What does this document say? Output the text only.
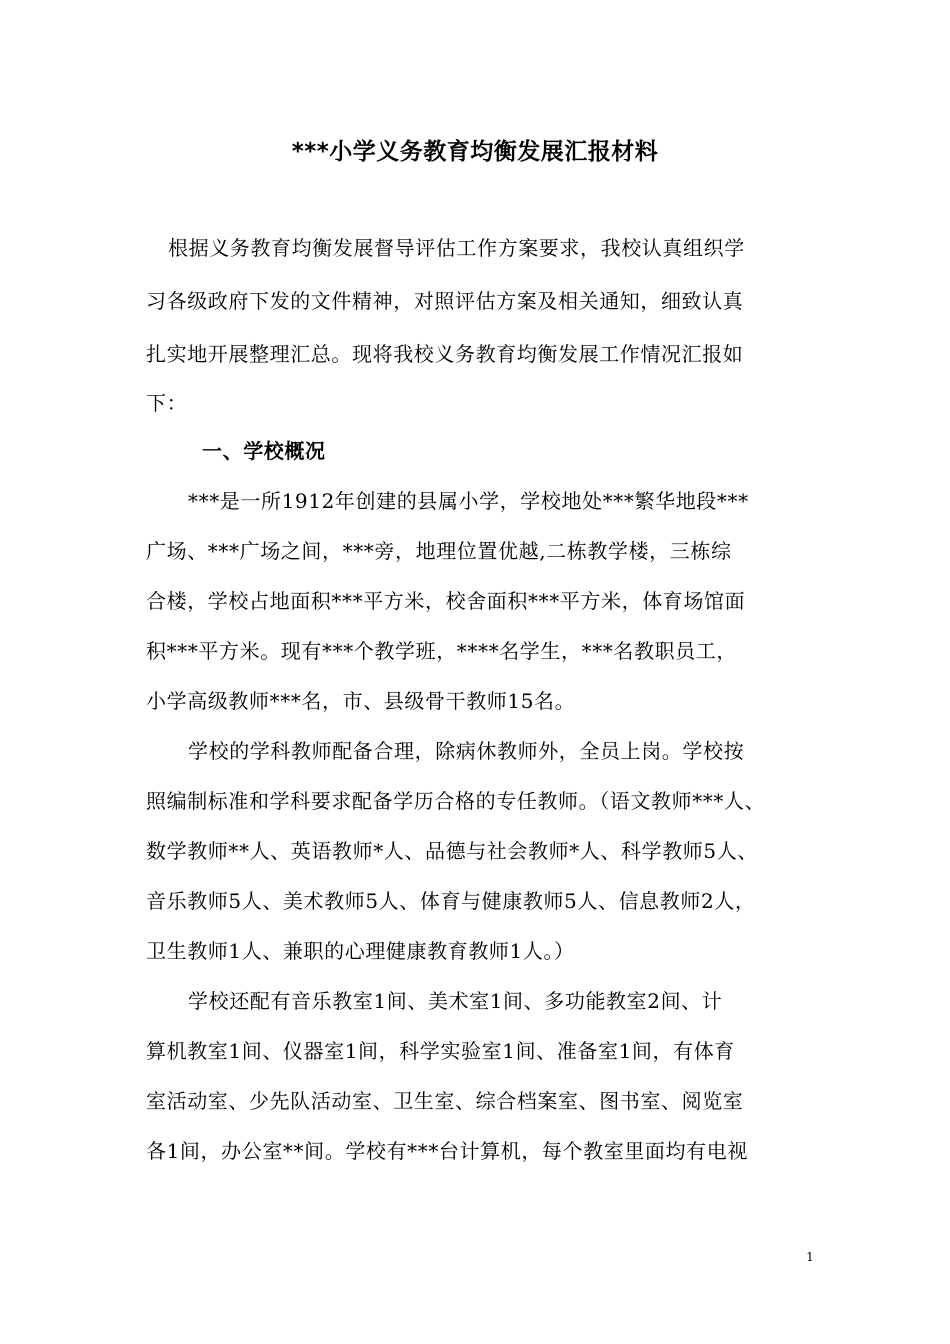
***小学义务教育均衡发展汇报材料
根据义务教育均衡发展督导评估工作方案要求，我校认真组织学
习各级政府下发的文件精神，对照评估方案及相关通知，细致认真
扎实地开展整理汇总。现将我校义务教育均衡发展工作情况汇报如
下：
一、学校概况
***是一所1912年创建的县属小学，学校地处***繁华地段***
广场、***广场之间，***旁，地理位置优越,二栋教学楼，三栋综
合楼，学校占地面积***平方米，校舍面积***平方米，体育场馆面
积***平方米。现有***个教学班，****名学生，***名教职员工，
小学高级教师***名，市、县级骨干教师15名。
学校的学科教师配备合理，除病休教师外，全员上岗。学校按
照编制标准和学科要求配备学历合格的专任教师。（语文教师***人、
数学教师**人、英语教师*人、品德与社会教师*人、科学教师5人、
音乐教师5人、美术教师5人、体育与健康教师5人、信息教师2人，
卫生教师1人、兼职的心理健康教育教师1人。）
学校还配有音乐教室1间、美术室1间、多功能教室2间、计
算机教室1间、仪器室1间，科学实验室1间、准备室1间，有体育
室活动室、少先队活动室、卫生室、综合档案室、图书室、阅览室
各1间，办公室**间。学校有***台计算机，每个教室里面均有电视
1
